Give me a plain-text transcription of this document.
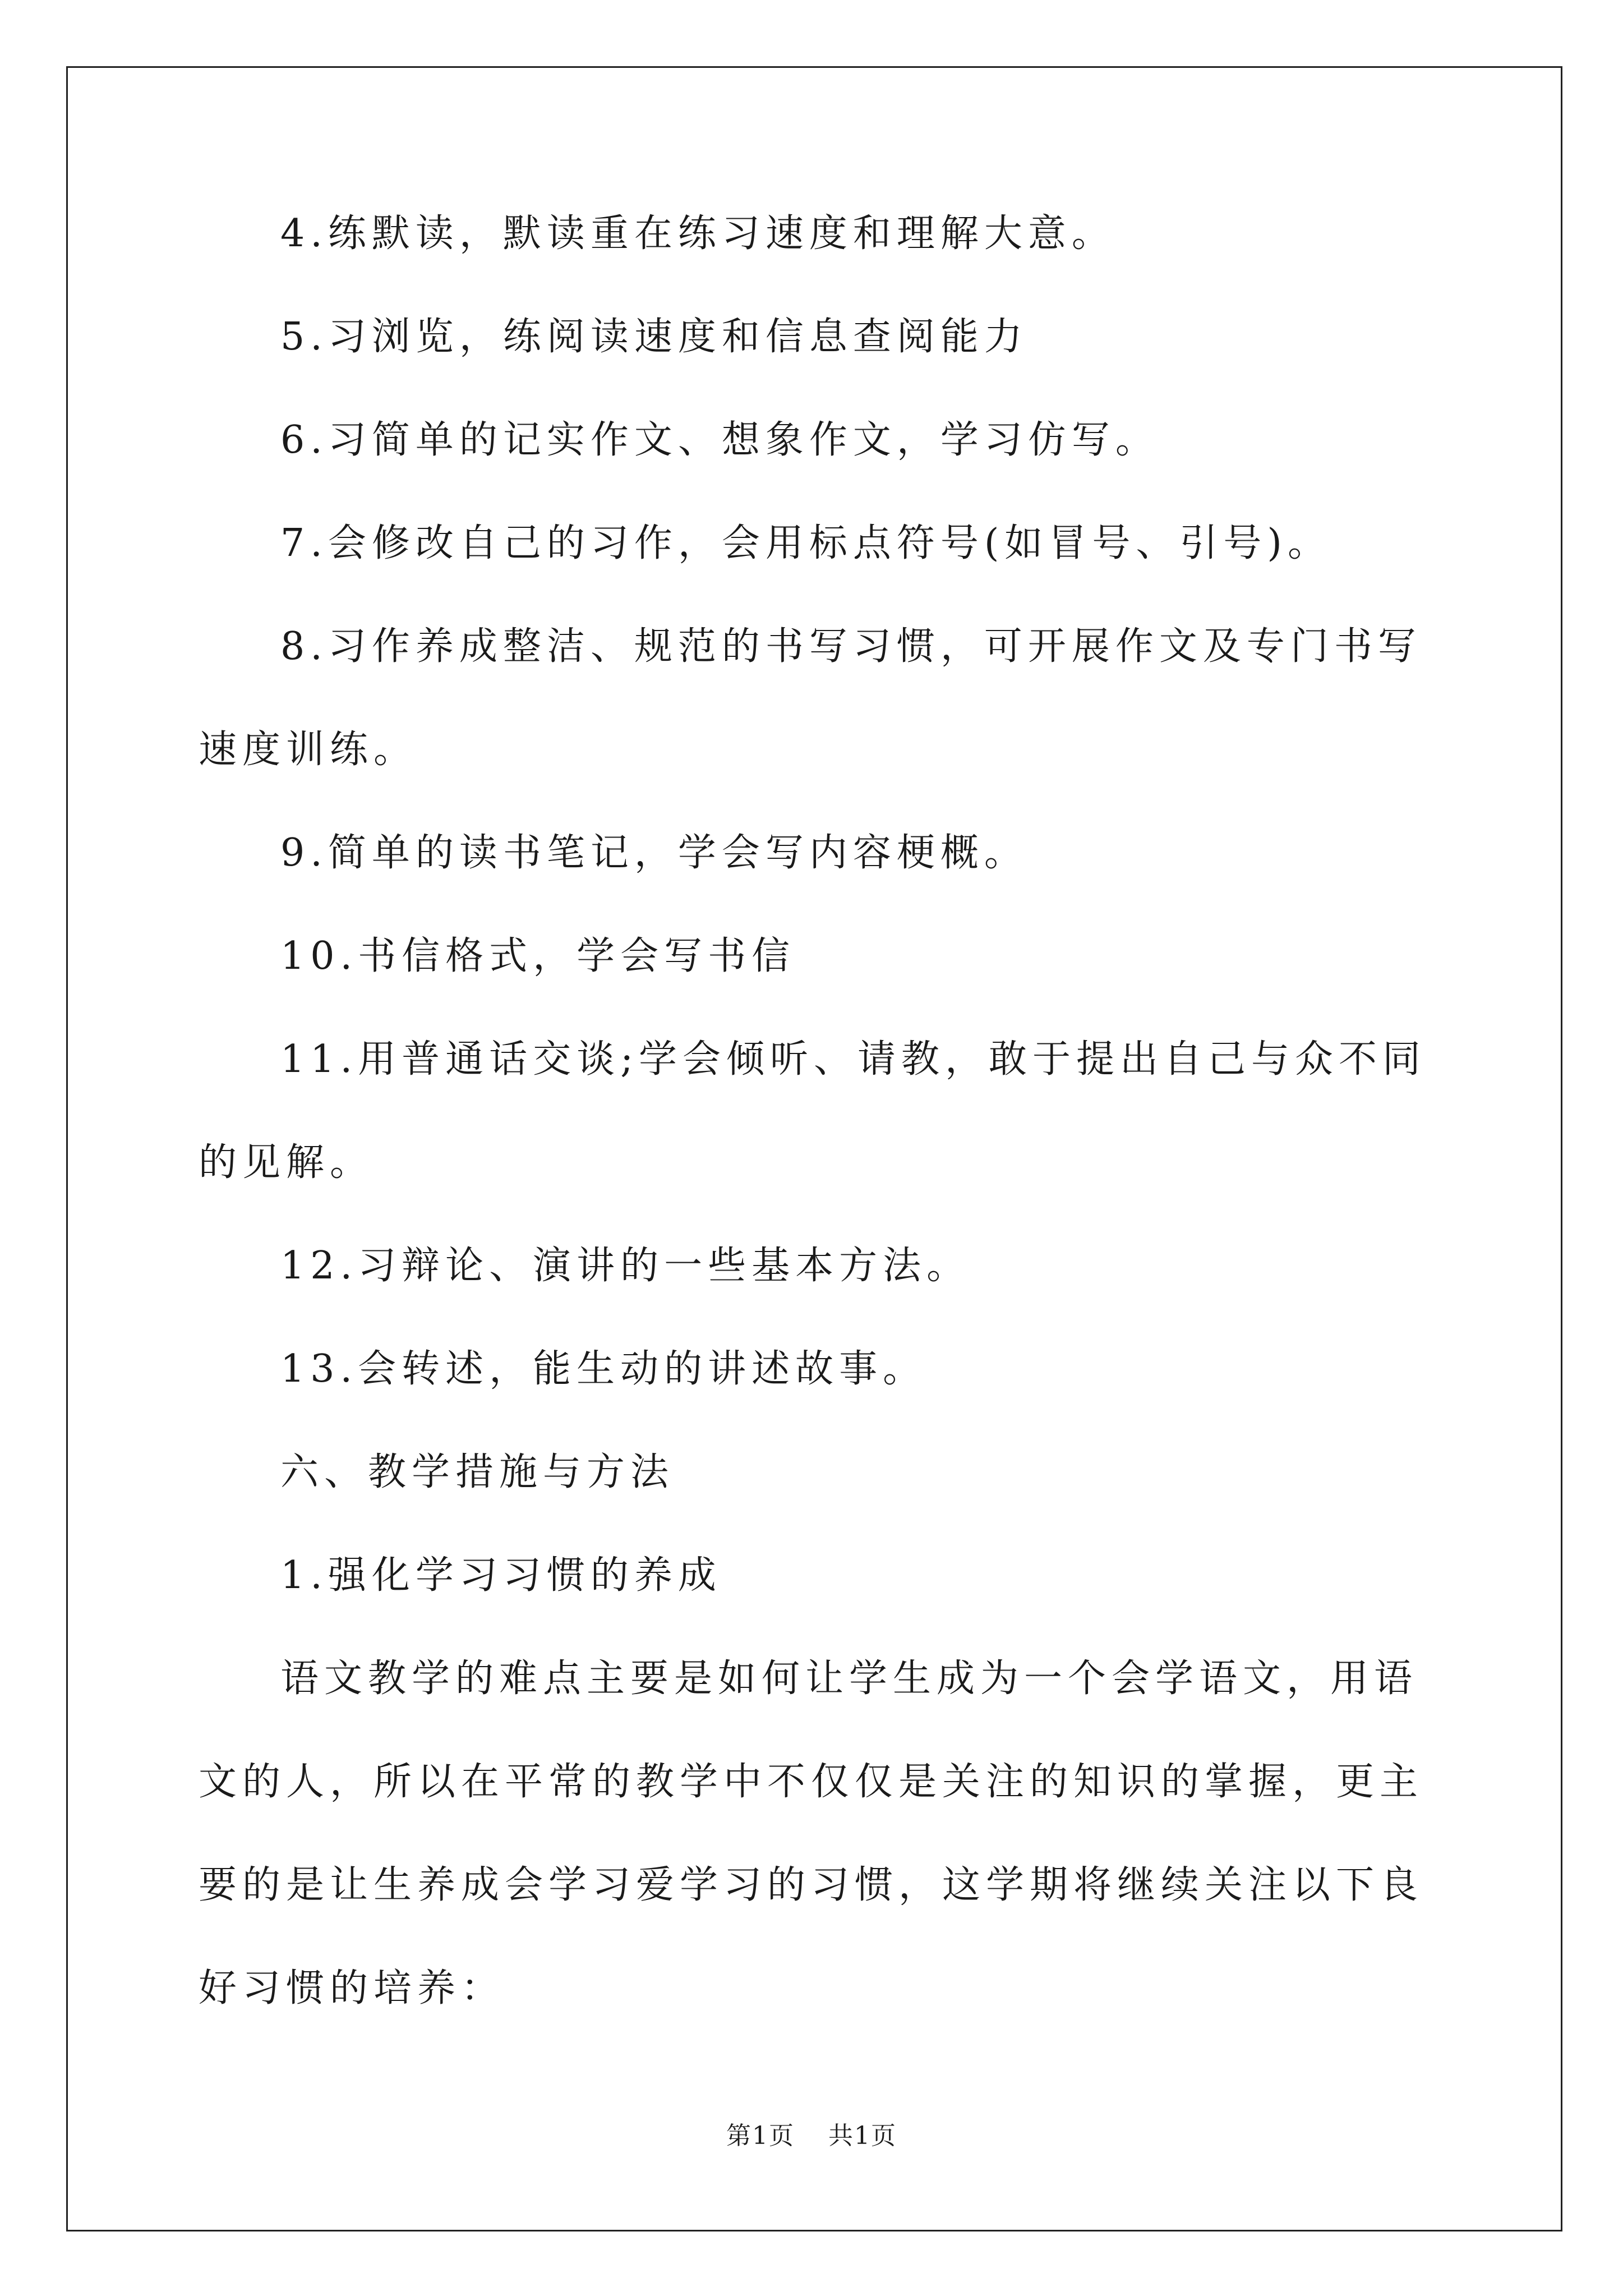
4.练默读，默读重在练习速度和理解大意。

5.习浏览，练阅读速度和信息查阅能力

6.习简单的记实作文、想象作文，学习仿写。

7.会修改自己的习作，会用标点符号(如冒号、引号)。

8.习作养成整洁、规范的书写习惯，可开展作文及专门书写速度训练。

9.简单的读书笔记，学会写内容梗概。

10.书信格式，学会写书信

11.用普通话交谈;学会倾听、请教，敢于提出自己与众不同的见解。

12.习辩论、演讲的一些基本方法。

13.会转述，能生动的讲述故事。

六、教学措施与方法

1.强化学习习惯的养成

语文教学的难点主要是如何让学生成为一个会学语文，用语文的人，所以在平常的教学中不仅仅是关注的知识的掌握，更主要的是让生养成会学习爱学习的习惯，这学期将继续关注以下良好习惯的培养：

第1页 共1页
